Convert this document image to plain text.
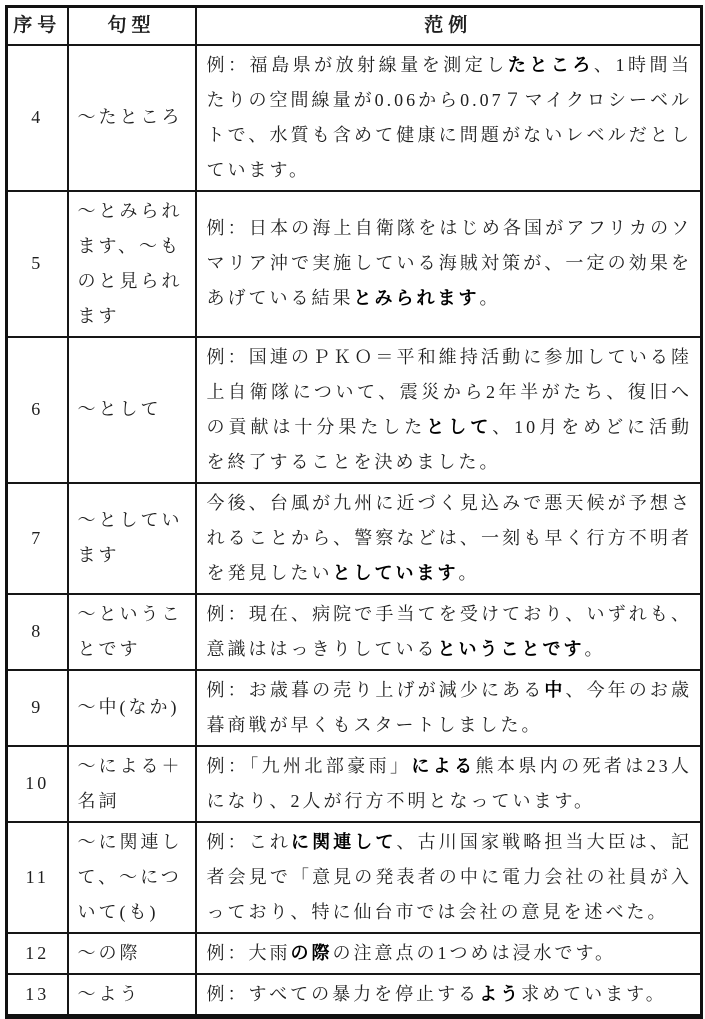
序号	句型	范例
4	～たところ	例：福島県が放射線量を測定したところ、1時間当たりの空間線量が0.06から0.07７マイクロシーベルトで、水質も含めて健康に問題がないレベルだとしています。
5	～とみられます、～ものと見られます	例：日本の海上自衛隊をはじめ各国がアフリカのソマリア沖で実施している海賊対策が、一定の効果をあげている結果とみられます。
6	～として	例：国連のＰＫＯ＝平和維持活動に参加している陸上自衛隊について、震災から2年半がたち、復旧への貢献は十分果たしたとして、10月をめどに活動を終了することを決めました。
7	～としています	今後、台風が九州に近づく見込みで悪天候が予想されることから、警察などは、一刻も早く行方不明者を発見したいとしています。
8	～ということです	例：現在、病院で手当てを受けており、いずれも、意識ははっきりしているということです。
9	～中(なか)	例：お歳暮の売り上げが減少にある中、今年のお歳暮商戦が早くもスタートしました。
10	～による＋名詞	例：「九州北部豪雨」による熊本県内の死者は23人になり、2人が行方不明となっています。
11	～に関連して、～について(も)	例：これに関連して、古川国家戦略担当大臣は、記者会見で「意見の発表者の中に電力会社の社員が入っており、特に仙台市では会社の意見を述べた。
12	～の際	例：大雨の際の注意点の1つめは浸水です。
13	～よう	例：すべての暴力を停止するよう求めています。
